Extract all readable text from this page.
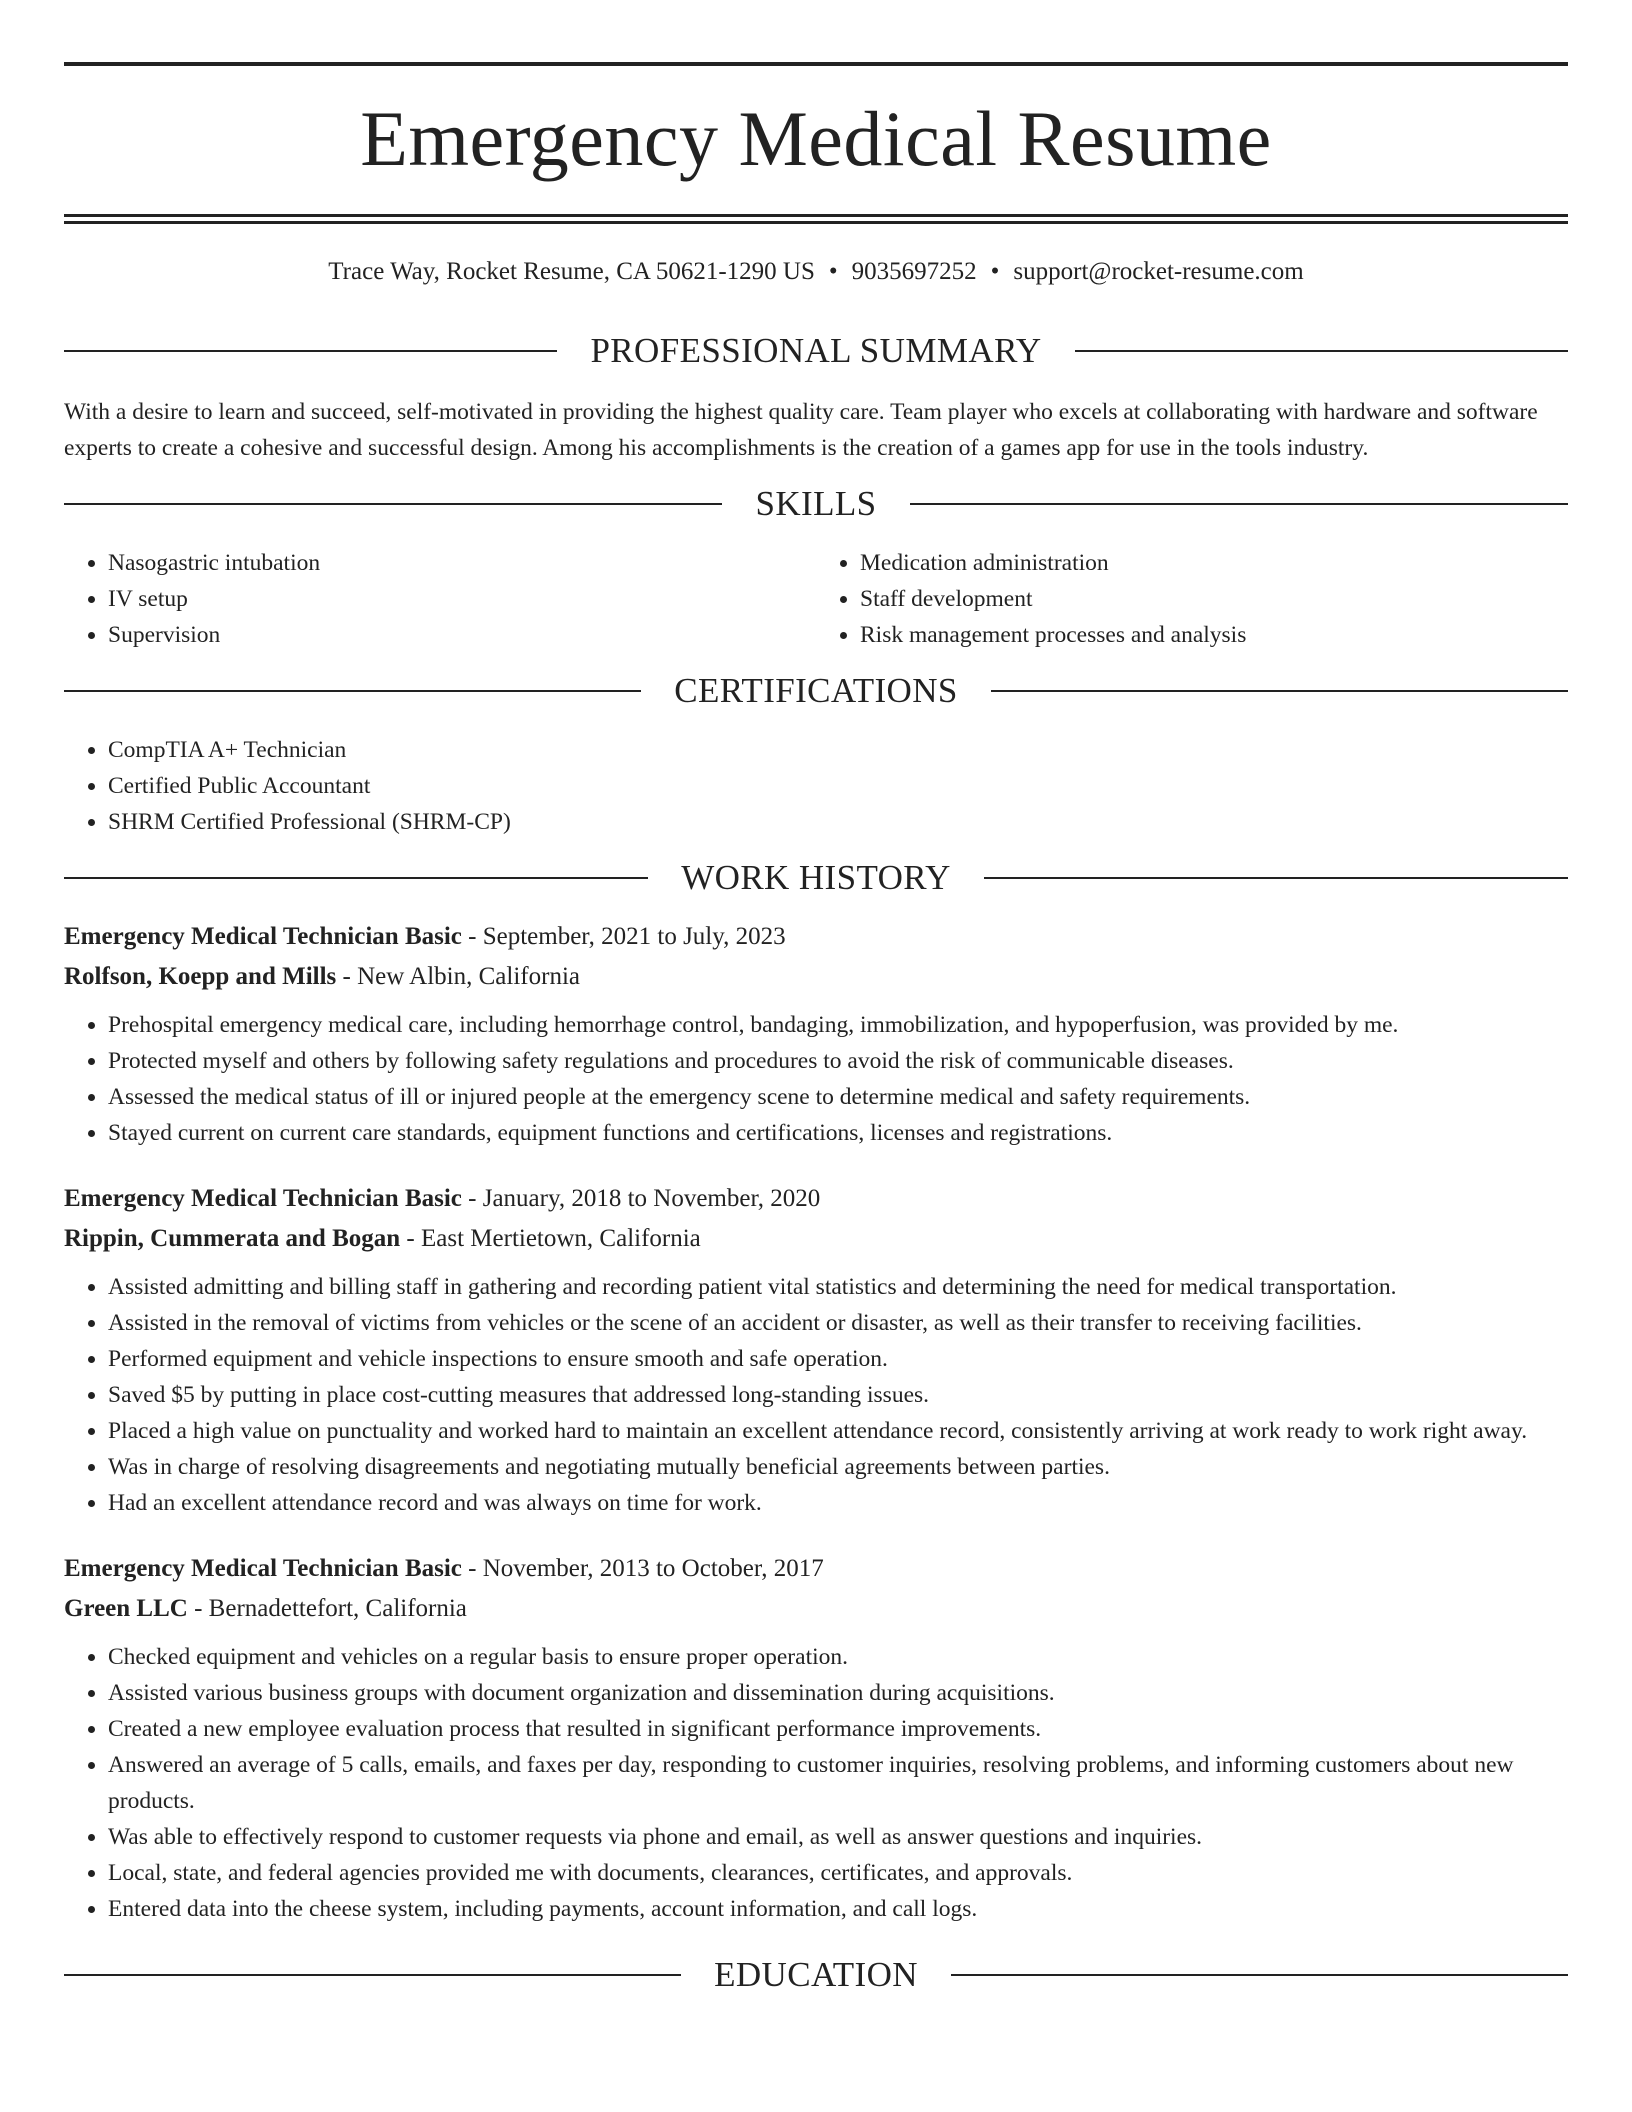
Emergency Medical Resume
Trace Way, Rocket Resume, CA 50621-1290 US • 9035697252 • support@rocket-resume.com
PROFESSIONAL SUMMARY

With a desire to learn and succeed, self-motivated in providing the highest quality care. Team player who excels at collaborating with hardware and software experts to create a cohesive and successful design. Among his accomplishments is the creation of a games app for use in the tools industry.

SKILLS
• Nasogastric intubation
• IV setup
• Supervision
• Medication administration
• Staff development
• Risk management processes and analysis
CERTIFICATIONS
• CompTIA A+ Technician
• Certified Public Accountant
• SHRM Certified Professional (SHRM-CP)
WORK HISTORY
Emergency Medical Technician Basic - September, 2021 to July, 2023
Rolfson, Koepp and Mills - New Albin, California
• Prehospital emergency medical care, including hemorrhage control, bandaging, immobilization, and hypoperfusion, was provided by me.
• Protected myself and others by following safety regulations and procedures to avoid the risk of communicable diseases.
• Assessed the medical status of ill or injured people at the emergency scene to determine medical and safety requirements.
• Stayed current on current care standards, equipment functions and certifications, licenses and registrations.
Emergency Medical Technician Basic - January, 2018 to November, 2020
Rippin, Cummerata and Bogan - East Mertietown, California
• Assisted admitting and billing staff in gathering and recording patient vital statistics and determining the need for medical transportation.
• Assisted in the removal of victims from vehicles or the scene of an accident or disaster, as well as their transfer to receiving facilities.
• Performed equipment and vehicle inspections to ensure smooth and safe operation.
• Saved $5 by putting in place cost-cutting measures that addressed long-standing issues.
• Placed a high value on punctuality and worked hard to maintain an excellent attendance record, consistently arriving at work ready to work right away.
• Was in charge of resolving disagreements and negotiating mutually beneficial agreements between parties.
• Had an excellent attendance record and was always on time for work.
Emergency Medical Technician Basic - November, 2013 to October, 2017
Green LLC - Bernadettefort, California
• Checked equipment and vehicles on a regular basis to ensure proper operation.
• Assisted various business groups with document organization and dissemination during acquisitions.
• Created a new employee evaluation process that resulted in significant performance improvements.
• Answered an average of 5 calls, emails, and faxes per day, responding to customer inquiries, resolving problems, and informing customers about new products.
• Was able to effectively respond to customer requests via phone and email, as well as answer questions and inquiries.
• Local, state, and federal agencies provided me with documents, clearances, certificates, and approvals.
• Entered data into the cheese system, including payments, account information, and call logs.
EDUCATION
